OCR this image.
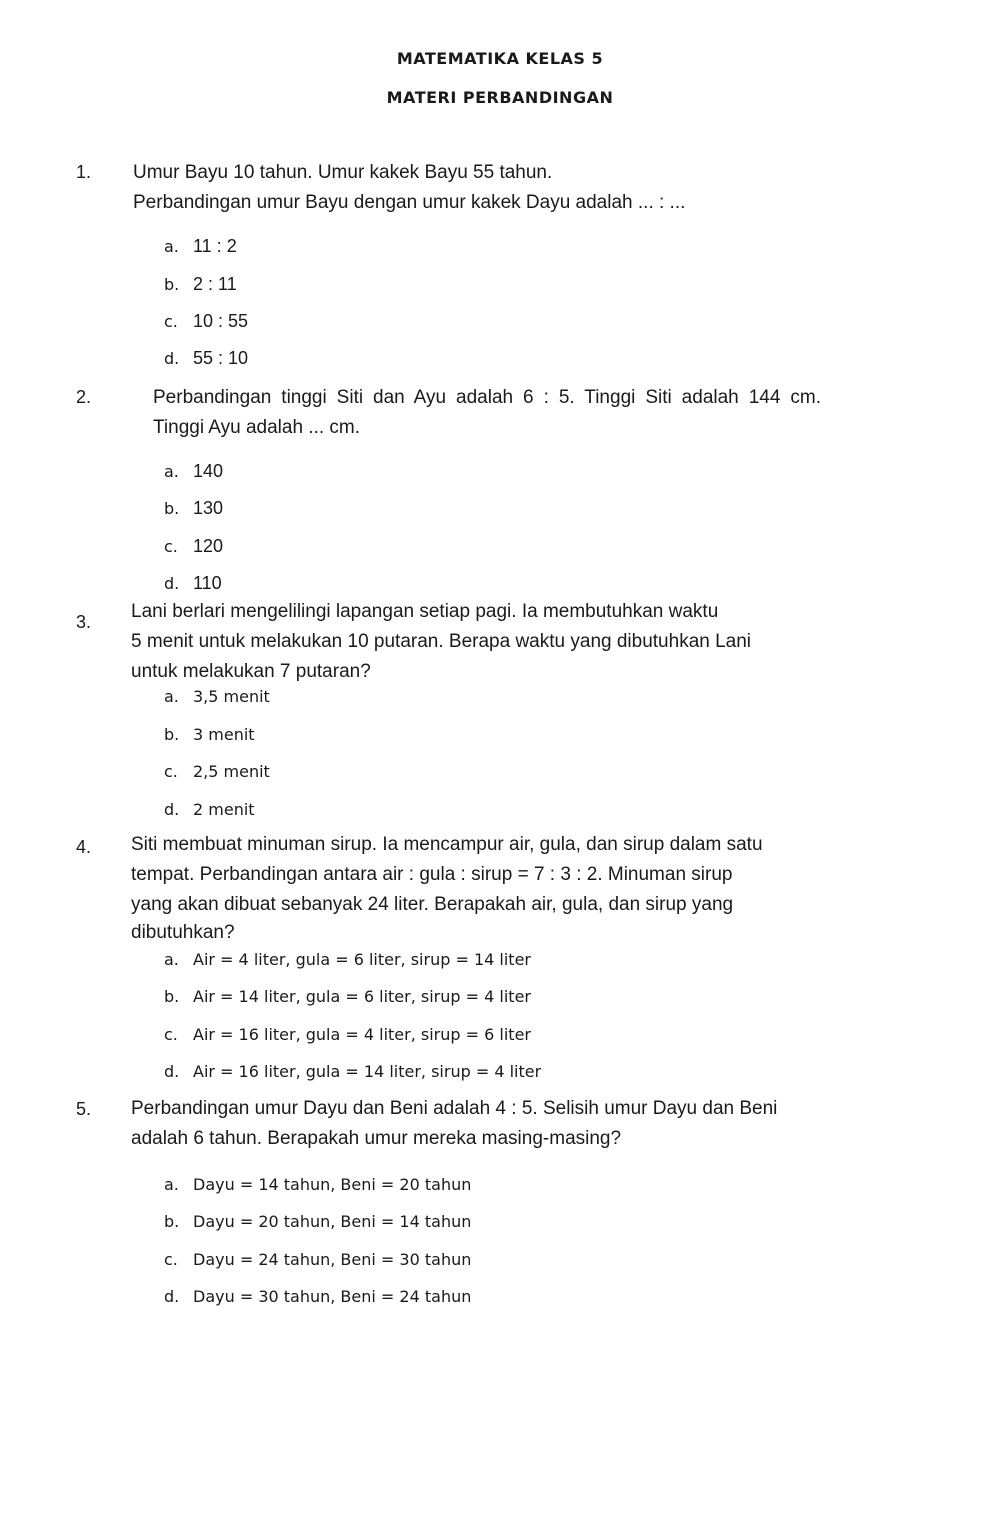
MATEMATIKA KELAS 5
MATERI PERBANDINGAN
1. Umur Bayu 10 tahun. Umur kakek Bayu 55 tahun.
Perbandingan umur Bayu dengan umur kakek Dayu adalah ... : ...
a. 11 : 2
b. 2 : 11
c. 10 : 55
d. 55 : 10
2.	Perbandingan tinggi Siti dan Ayu adalah 6 : 5. Tinggi Siti adalah 144 cm.
Tinggi Ayu adalah ... cm.
a. 140
b. 130
c. 120
d. 110
3. Lani berlari mengelilingi lapangan setiap pagi. Ia membutuhkan waktu
5 menit untuk melakukan 10 putaran. Berapa waktu yang dibutuhkan Lani
untuk melakukan 7 putaran?
a. 3,5 menit
b. 3 menit
c. 2,5 menit
d. 2 menit
4. Siti membuat minuman sirup. Ia mencampur air, gula, dan sirup dalam satu
tempat. Perbandingan antara air : gula : sirup = 7 : 3 : 2. Minuman sirup
yang akan dibuat sebanyak 24 liter. Berapakah air, gula, dan sirup yang
dibutuhkan?
a. Air = 4 liter, gula = 6 liter, sirup = 14 liter
b. Air = 14 liter, gula = 6 liter, sirup = 4 liter
c. Air = 16 liter, gula = 4 liter, sirup = 6 liter
d. Air = 16 liter, gula = 14 liter, sirup = 4 liter
5. Perbandingan umur Dayu dan Beni adalah 4 : 5. Selisih umur Dayu dan Beni
adalah 6 tahun. Berapakah umur mereka masing-masing?
a. Dayu = 14 tahun, Beni = 20 tahun
b. Dayu = 20 tahun, Beni = 14 tahun
c. Dayu = 24 tahun, Beni = 30 tahun
d. Dayu = 30 tahun, Beni = 24 tahun
